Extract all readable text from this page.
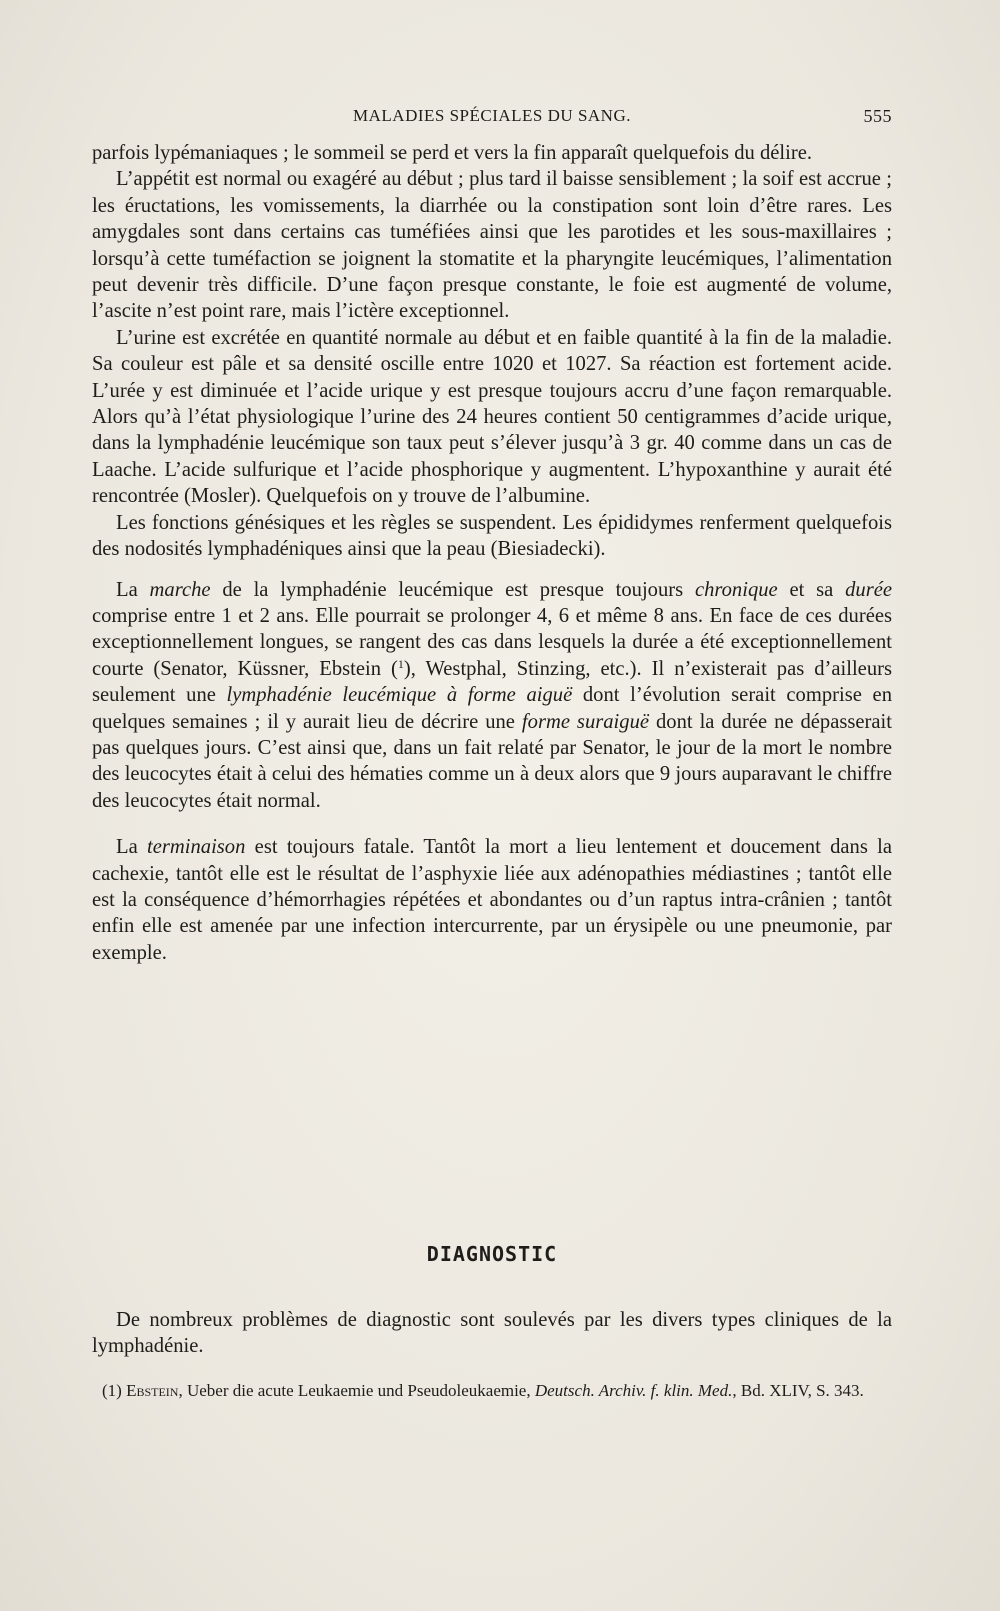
MALADIES SPÉCIALES DU SANG.	555

parfois lypémaniaques ; le sommeil se perd et vers la fin apparaît quelquefois du délire.

L’appétit est normal ou exagéré au début ; plus tard il baisse sensiblement ; la soif est accrue ; les éructations, les vomissements, la diarrhée ou la constipation sont loin d’être rares. Les amygdales sont dans certains cas tuméfiées ainsi que les parotides et les sous-maxillaires ; lorsqu’à cette tuméfaction se joignent la stomatite et la pharyngite leucémiques, l’alimentation peut devenir très difficile. D’une façon presque constante, le foie est augmenté de volume, l’ascite n’est point rare, mais l’ictère exceptionnel.

L’urine est excrétée en quantité normale au début et en faible quantité à la fin de la maladie. Sa couleur est pâle et sa densité oscille entre 1020 et 1027. Sa réaction est fortement acide. L’urée y est diminuée et l’acide urique y est presque toujours accru d’une façon remarquable. Alors qu’à l’état physiologique l’urine des 24 heures contient 50 centigrammes d’acide urique, dans la lymphadénie leucémique son taux peut s’élever jusqu’à 3 gr. 40 comme dans un cas de Laache. L’acide sulfurique et l’acide phosphorique y augmentent. L’hypoxanthine y aurait été rencontrée (Mosler). Quelquefois on y trouve de l’albumine.

Les fonctions génésiques et les règles se suspendent. Les épididymes renferment quelquefois des nodosités lymphadéniques ainsi que la peau (Biesiadecki).

La marche de la lymphadénie leucémique est presque toujours chronique et sa durée comprise entre 1 et 2 ans. Elle pourrait se prolonger 4, 6 et même 8 ans. En face de ces durées exceptionnellement longues, se rangent des cas dans lesquels la durée a été exceptionnellement courte (Senator, Küssner, Ebstein ($^1$), Westphal, Stinzing, etc.). Il n’existerait pas d’ailleurs seulement une lymphadénie leucémique à forme aiguë dont l’évolution serait comprise en quelques semaines ; il y aurait lieu de décrire une forme suraiguë dont la durée ne dépasserait pas quelques jours. C’est ainsi que, dans un fait relaté par Senator, le jour de la mort le nombre des leucocytes était à celui des hématies comme un à deux alors que 9 jours auparavant le chiffre des leucocytes était normal.

La terminaison est toujours fatale. Tantôt la mort a lieu lentement et doucement dans la cachexie, tantôt elle est le résultat de l’asphyxie liée aux adénopathies médiastines ; tantôt elle est la conséquence d’hémorrhagies répétées et abondantes ou d’un raptus intra-crânien ; tantôt enfin elle est amenée par une infection intercurrente, par un érysipèle ou une pneumonie, par exemple.

DIAGNOSTIC

De nombreux problèmes de diagnostic sont soulevés par les divers types cliniques de la lymphadénie.

(1) Ebstein, Ueber die acute Leukaemie und Pseudoleukaemie, Deutsch. Archiv. f. klin. Med., Bd. XLIV, S. 343.
